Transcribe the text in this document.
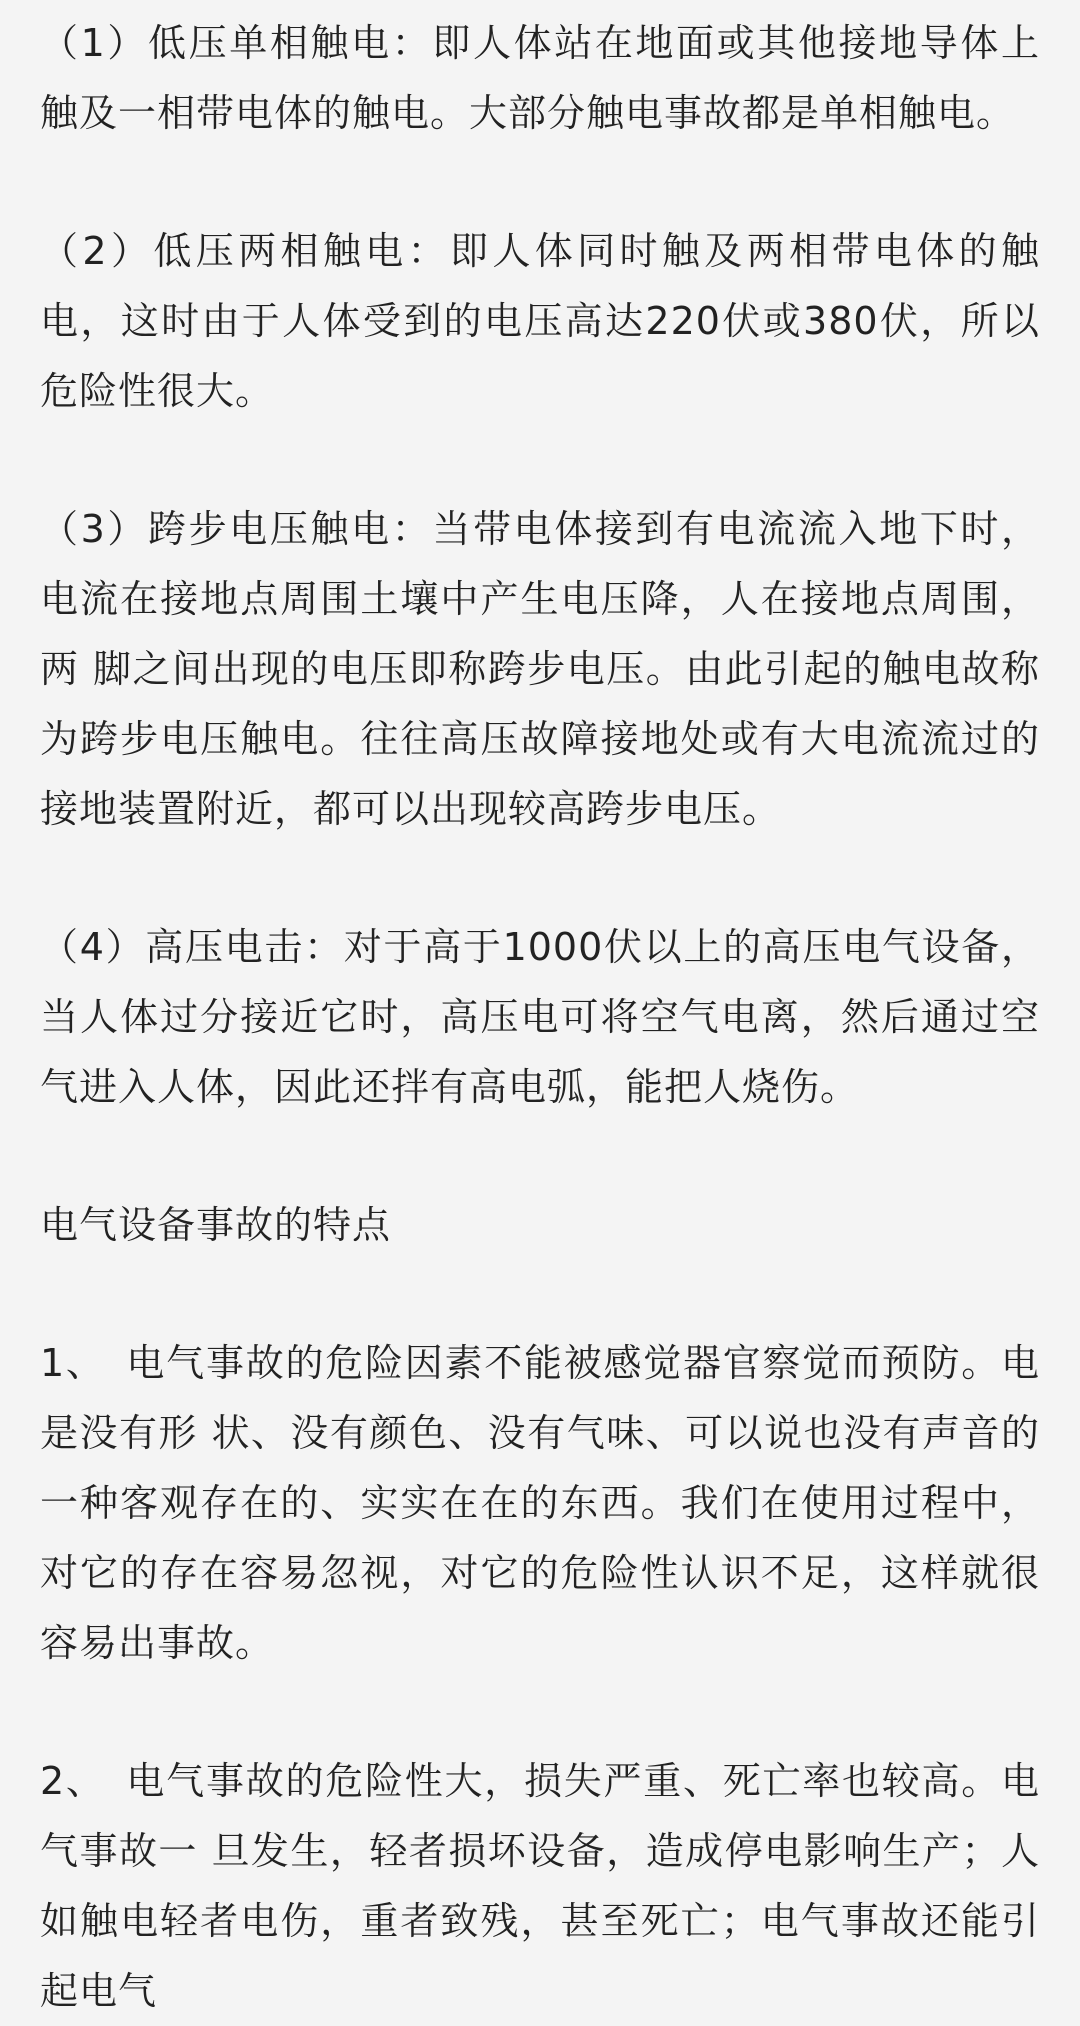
（1）低压单相触电：即人体站在地面或其他接地导体上触及一相带电体的触电。大部分触电事故都是单相触电。

（2）低压两相触电：即人体同时触及两相带电体的触电，这时由于人体受到的电压高达220伏或380伏，所以危险性很大。

（3）跨步电压触电：当带电体接到有电流流入地下时，电流在接地点周围土壤中产生电压降，人在接地点周围，两 脚之间出现的电压即称跨步电压。由此引起的触电故称为跨步电压触电。往往高压故障接地处或有大电流流过的接地装置附近，都可以出现较高跨步电压。

（4）高压电击：对于高于1000伏以上的高压电气设备，当人体过分接近它时，高压电可将空气电离，然后通过空气进入人体，因此还拌有高电弧，能把人烧伤。

电气设备事故的特点

1、　电气事故的危险因素不能被感觉器官察觉而预防。电是没有形 状、没有颜色、没有气味、可以说也没有声音的一种客观存在的、实实在在的东西。我们在使用过程中，对它的存在容易忽视，对它的危险性认识不足，这样就很容易出事故。

2、　电气事故的危险性大，损失严重、死亡率也较高。电气事故一 旦发生，轻者损坏设备，造成停电影响生产；人如触电轻者电伤，重者致残，甚至死亡；电气事故还能引起电气
